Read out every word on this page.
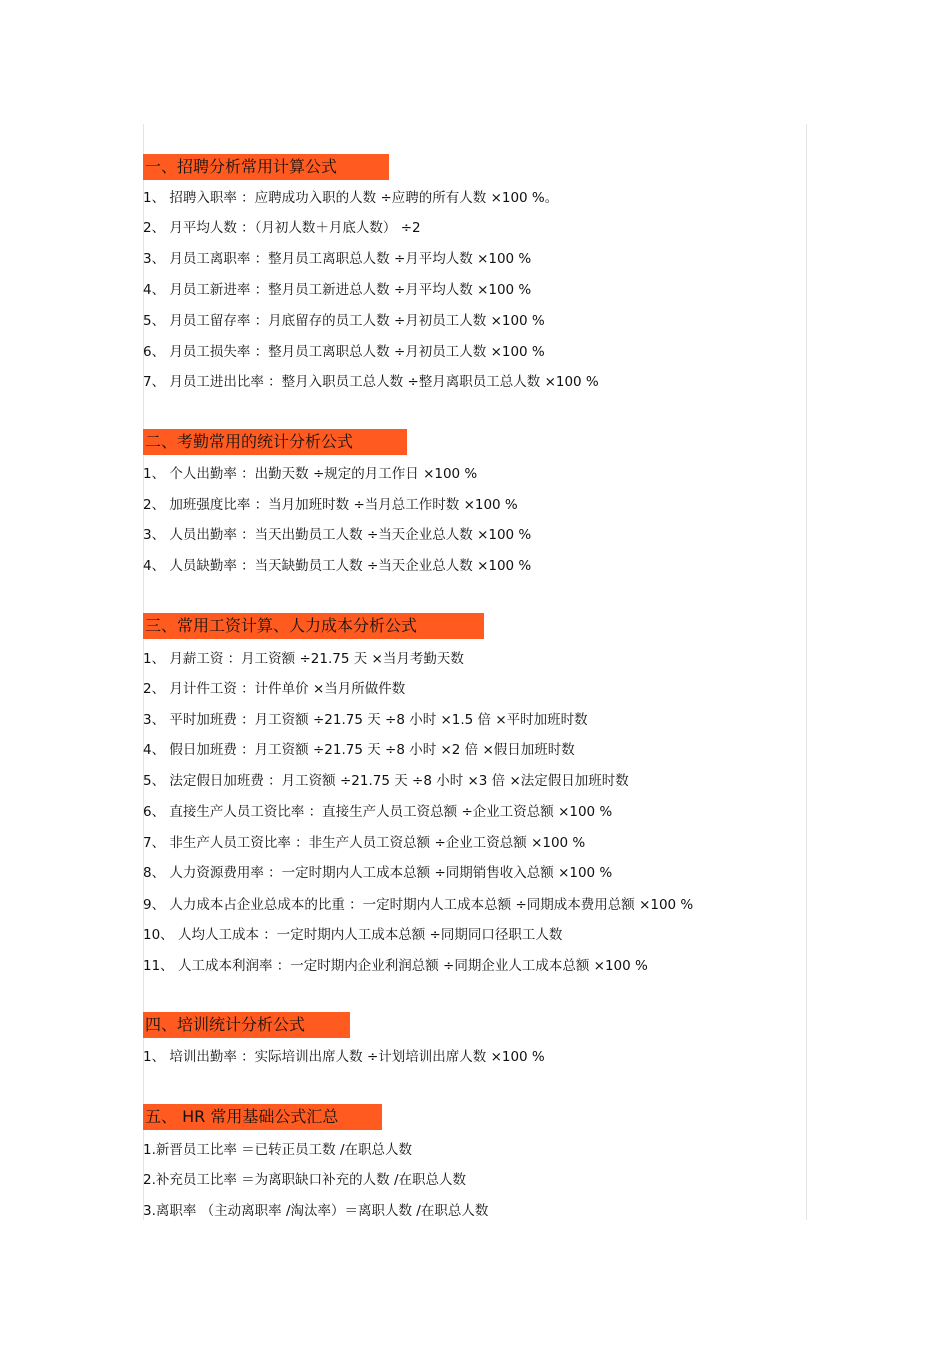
一、招聘分析常用计算公式
1、 招聘入职率 ：应聘成功入职的人数 ÷应聘的所有人数 ×100 %。
2、 月平均人数 ：（月初人数＋月底人数） ÷2
3、 月员工离职率 ：整月员工离职总人数 ÷月平均人数 ×100 %
4、 月员工新进率 ：整月员工新进总人数 ÷月平均人数 ×100 %
5、 月员工留存率 ：月底留存的员工人数 ÷月初员工人数 ×100 %
6、 月员工损失率 ：整月员工离职总人数 ÷月初员工人数 ×100 %
7、 月员工进出比率 ：整月入职员工总人数 ÷整月离职员工总人数 ×100 %
二、考勤常用的统计分析公式
1、 个人出勤率 ：出勤天数 ÷规定的月工作日 ×100 %
2、 加班强度比率 ：当月加班时数 ÷当月总工作时数 ×100 %
3、 人员出勤率 ：当天出勤员工人数 ÷当天企业总人数 ×100 %
4、 人员缺勤率 ：当天缺勤员工人数 ÷当天企业总人数 ×100 %
三、常用工资计算、人力成本分析公式
1、 月薪工资 ：月工资额 ÷21.75 天 ×当月考勤天数
2、 月计件工资 ：计件单价 ×当月所做件数
3、 平时加班费 ：月工资额 ÷21.75 天 ÷8 小时 ×1.5 倍 ×平时加班时数
4、 假日加班费 ：月工资额 ÷21.75 天 ÷8 小时 ×2 倍 ×假日加班时数
5、 法定假日加班费 ：月工资额 ÷21.75 天 ÷8 小时 ×3 倍 ×法定假日加班时数
6、 直接生产人员工资比率 ：直接生产人员工资总额 ÷企业工资总额 ×100 %
7、 非生产人员工资比率 ：非生产人员工资总额 ÷企业工资总额 ×100 %
8、 人力资源费用率 ：一定时期内人工成本总额 ÷同期销售收入总额 ×100 %
9、 人力成本占企业总成本的比重 ：一定时期内人工成本总额 ÷同期成本费用总额 ×100 %
10、 人均人工成本 ：一定时期内人工成本总额 ÷同期同口径职工人数
11、 人工成本利润率 ：一定时期内企业利润总额 ÷同期企业人工成本总额 ×100 %
四、培训统计分析公式
1、 培训出勤率 ：实际培训出席人数 ÷计划培训出席人数 ×100 %
五、 HR 常用基础公式汇总
1.新晋员工比率 ＝已转正员工数 /在职总人数
2.补充员工比率 ＝为离职缺口补充的人数 /在职总人数
3.离职率 （主动离职率 /淘汰率）＝离职人数 /在职总人数
